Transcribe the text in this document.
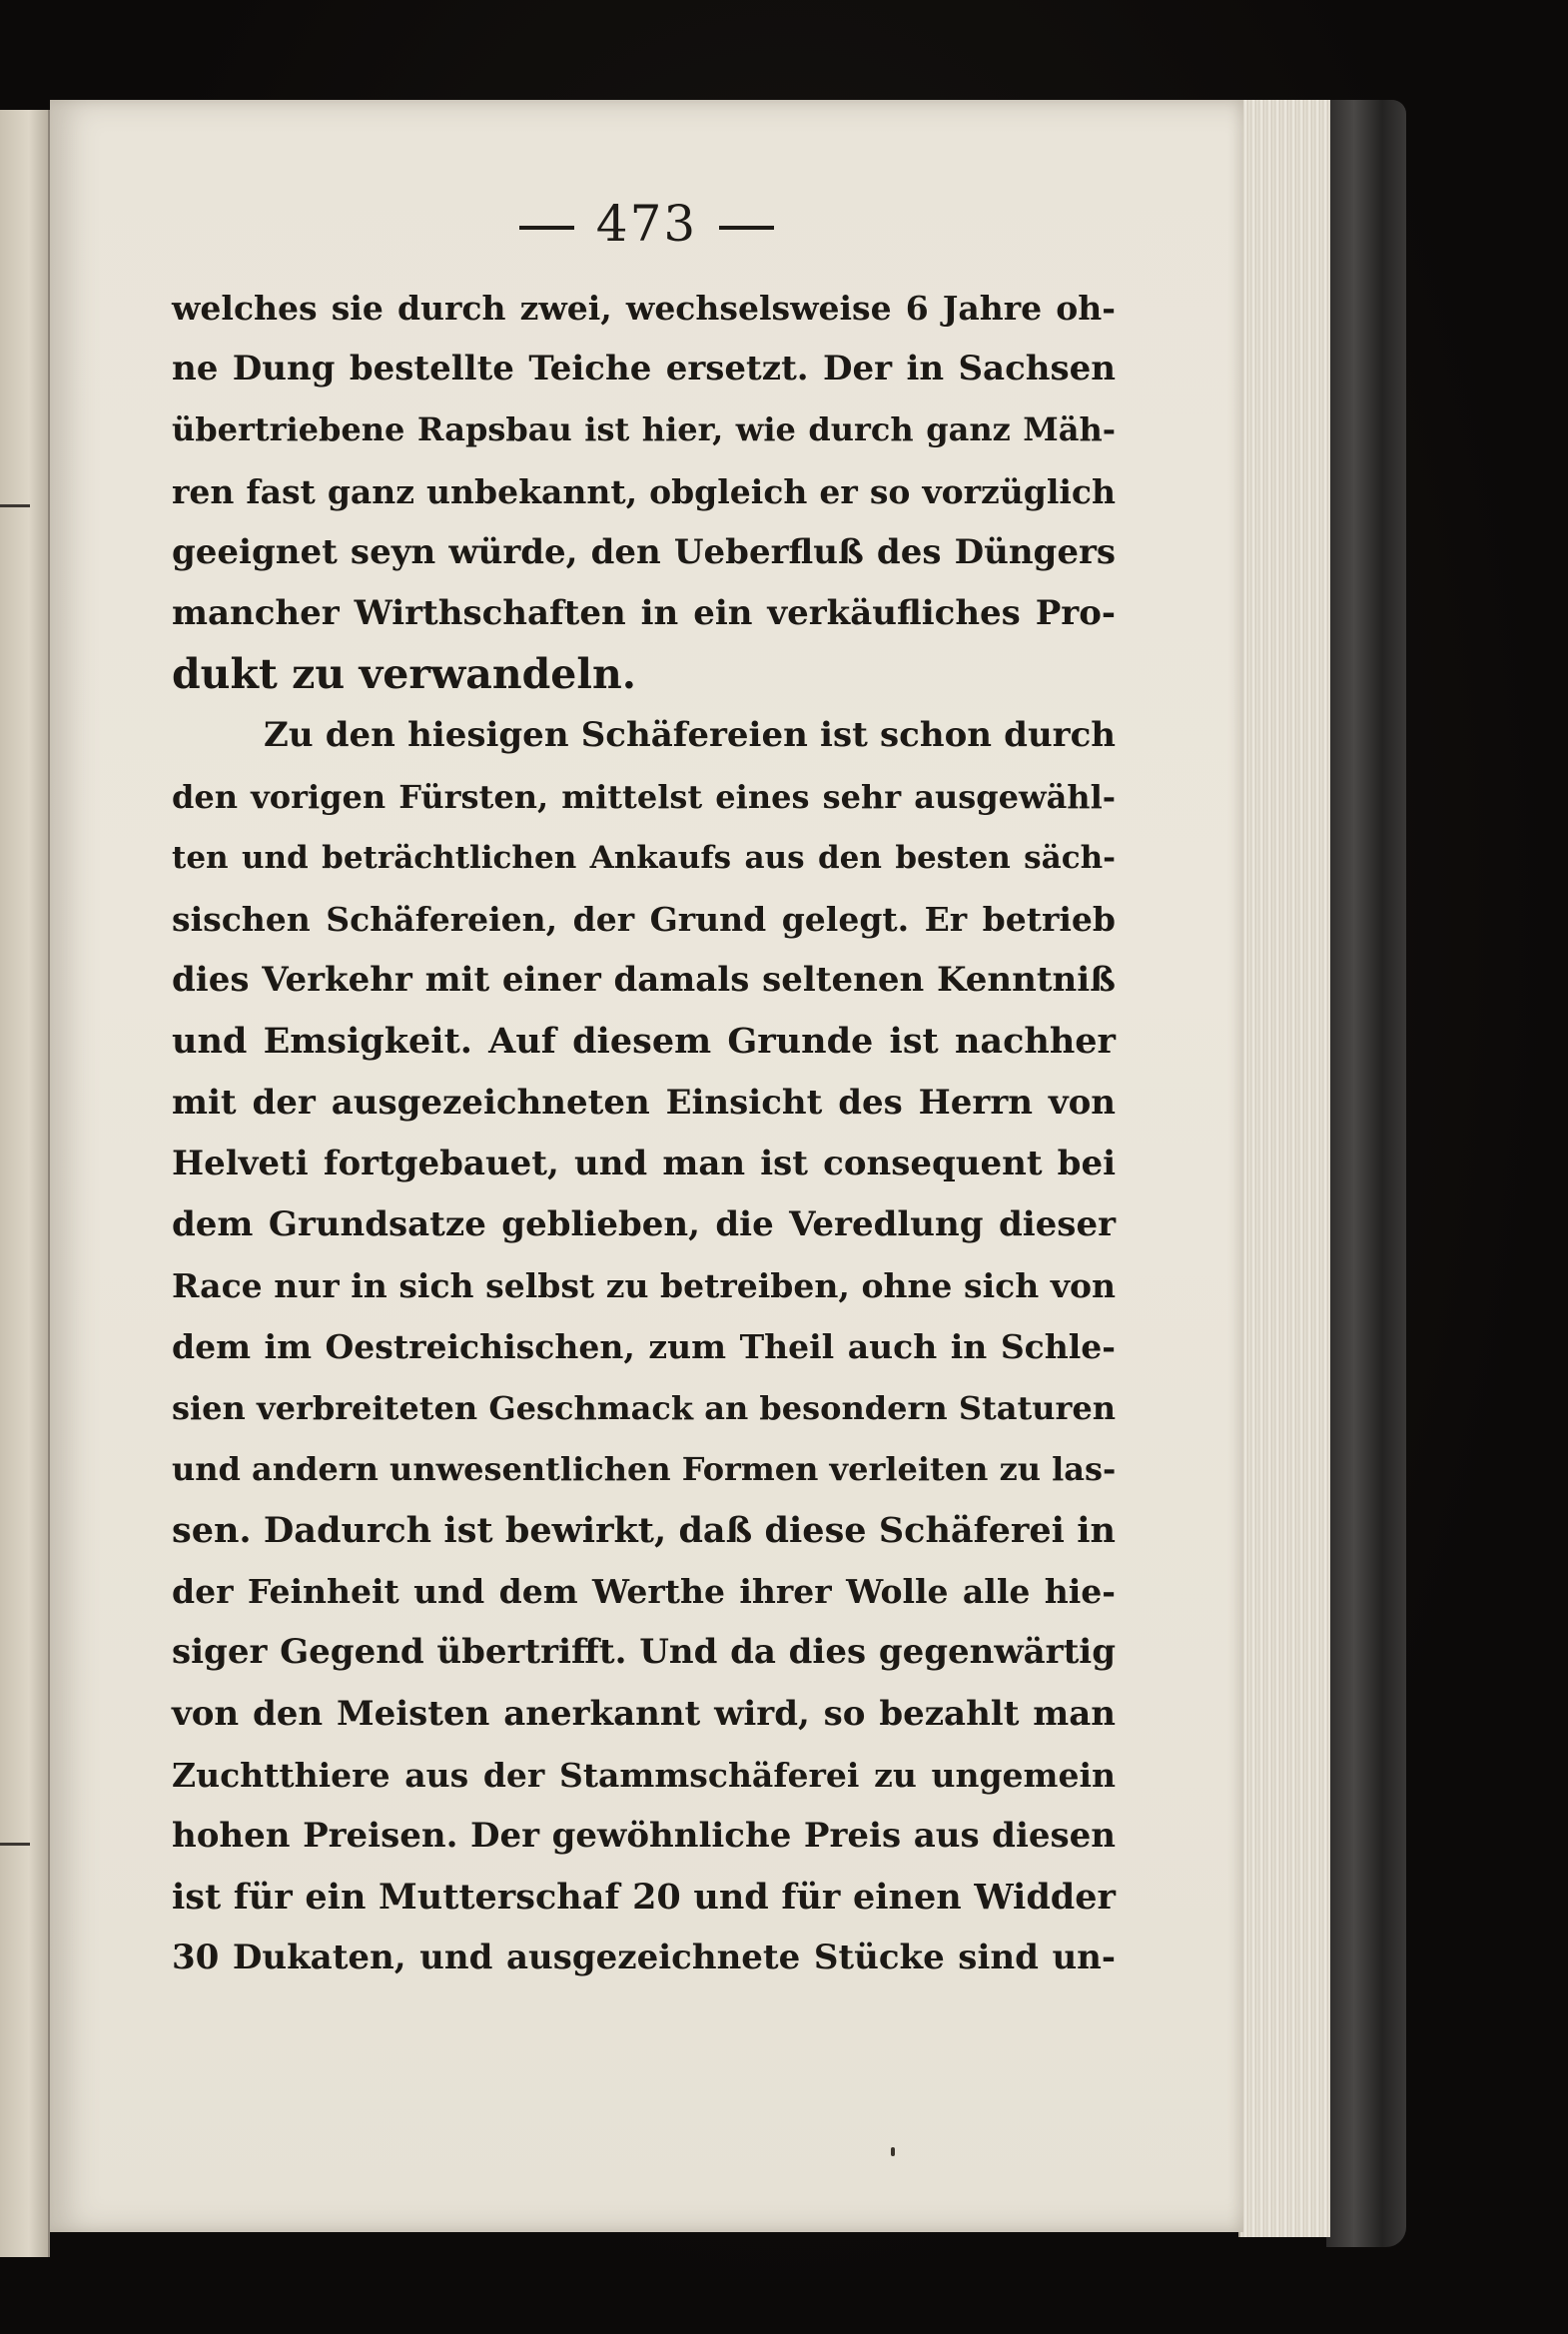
473
welches sie durch zwei, wechselsweise 6 Jahre oh-
ne Dung bestellte Teiche ersetzt. Der in Sachsen
übertriebene Rapsbau ist hier, wie durch ganz Mäh-
ren fast ganz unbekannt, obgleich er so vorzüglich
geeignet seyn würde, den Ueberfluß des Düngers
mancher Wirthschaften in ein verkäufliches Pro-
dukt zu verwandeln.
Zu den hiesigen Schäfereien ist schon durch
den vorigen Fürsten, mittelst eines sehr ausgewähl-
ten und beträchtlichen Ankaufs aus den besten säch-
sischen Schäfereien, der Grund gelegt. Er betrieb
dies Verkehr mit einer damals seltenen Kenntniß
und Emsigkeit. Auf diesem Grunde ist nachher
mit der ausgezeichneten Einsicht des Herrn von
Helveti fortgebauet, und man ist consequent bei
dem Grundsatze geblieben, die Veredlung dieser
Race nur in sich selbst zu betreiben, ohne sich von
dem im Oestreichischen, zum Theil auch in Schle-
sien verbreiteten Geschmack an besondern Staturen
und andern unwesentlichen Formen verleiten zu las-
sen. Dadurch ist bewirkt, daß diese Schäferei in
der Feinheit und dem Werthe ihrer Wolle alle hie-
siger Gegend übertrifft. Und da dies gegenwärtig
von den Meisten anerkannt wird, so bezahlt man
Zuchtthiere aus der Stammschäferei zu ungemein
hohen Preisen. Der gewöhnliche Preis aus diesen
ist für ein Mutterschaf 20 und für einen Widder
30 Dukaten, und ausgezeichnete Stücke sind un-
